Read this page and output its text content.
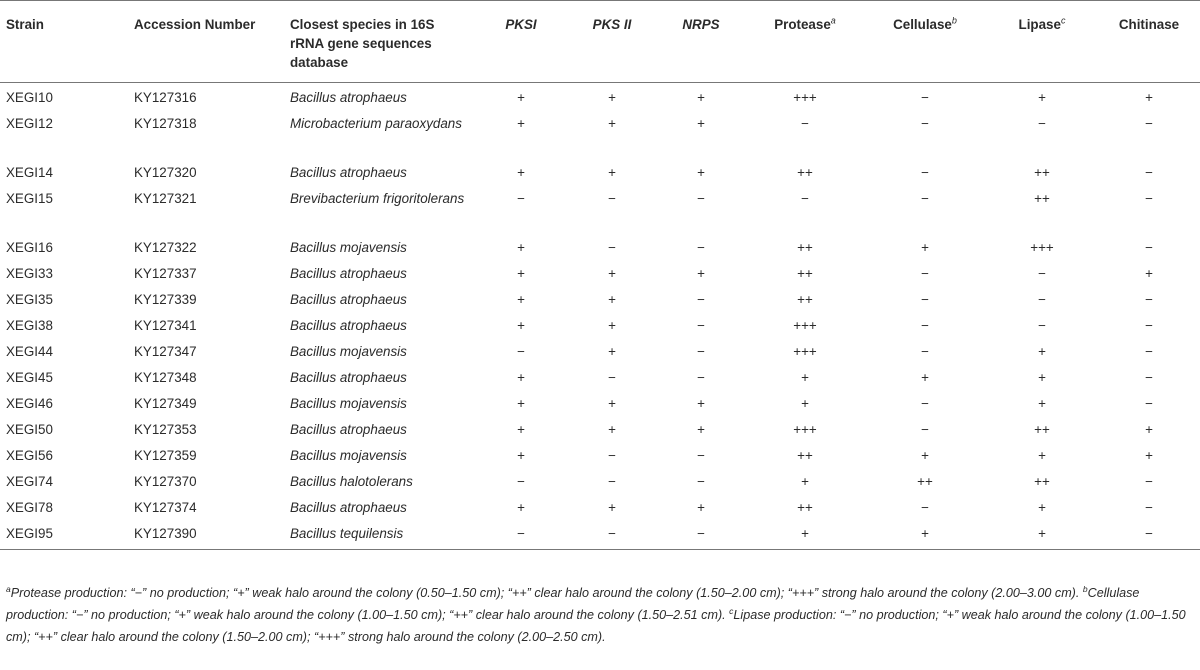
Strain	Accession Number	Closest species in 16S rRNA gene sequences database	PKSI	PKS II	NRPS	Protease$^a$	Cellulase$^b$	Lipase$^c$	Chitinase
XEGI10	KY127316	Bacillus atrophaeus	+	+	+	+++	−	+	+
XEGI12	KY127318	Microbacterium paraoxydans	+	+	+	−	−	−	−
XEGI14	KY127320	Bacillus atrophaeus	+	+	+	++	−	++	−
XEGI15	KY127321	Brevibacterium frigoritolerans	−	−	−	−	−	++	−
XEGI16	KY127322	Bacillus mojavensis	+	−	−	++	+	+++	−
XEGI33	KY127337	Bacillus atrophaeus	+	+	+	++	−	−	+
XEGI35	KY127339	Bacillus atrophaeus	+	+	−	++	−	−	−
XEGI38	KY127341	Bacillus atrophaeus	+	+	−	+++	−	−	−
XEGI44	KY127347	Bacillus mojavensis	−	+	−	+++	−	+	−
XEGI45	KY127348	Bacillus atrophaeus	+	−	−	+	+	+	−
XEGI46	KY127349	Bacillus mojavensis	+	+	+	+	−	+	−
XEGI50	KY127353	Bacillus atrophaeus	+	+	+	+++	−	++	+
XEGI56	KY127359	Bacillus mojavensis	+	−	−	++	+	+	+
XEGI74	KY127370	Bacillus halotolerans	−	−	−	+	++	++	−
XEGI78	KY127374	Bacillus atrophaeus	+	+	+	++	−	+	−
XEGI95	KY127390	Bacillus tequilensis	−	−	−	+	+	+	−
$^a$Protease production: “−” no production; “+” weak halo around the colony (0.50–1.50 cm); “++” clear halo around the colony (1.50–2.00 cm); “+++” strong halo around the colony (2.00–3.00 cm). $^b$Cellulase production: “−” no production; “+” weak halo around the colony (1.00–1.50 cm); “++” clear halo around the colony (1.50–2.51 cm). $^c$Lipase production: “−” no production; “+” weak halo around the colony (1.00–1.50 cm); “++” clear halo around the colony (1.50–2.00 cm); “+++” strong halo around the colony (2.00–2.50 cm).
